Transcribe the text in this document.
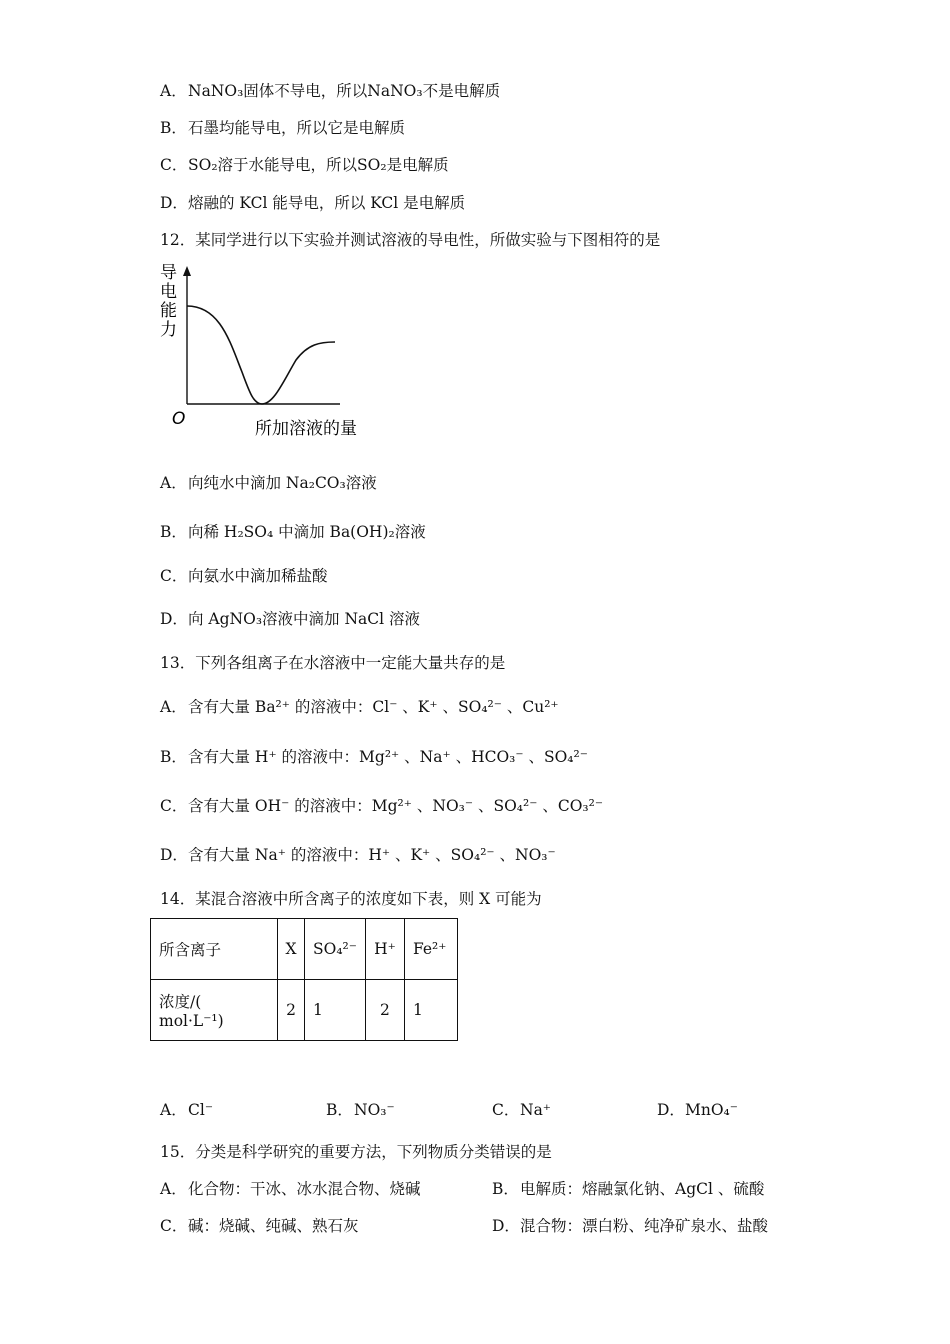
A．NaNO₃固体不导电，所以NaNO₃不是电解质
B．石墨均能导电，所以它是电解质
C．SO₂溶于水能导电，所以SO₂是电解质
D．熔融的 KCl 能导电，所以 KCl 是电解质
12．某同学进行以下实验并测试溶液的导电性，所做实验与下图相符的是
导
电
能
力
O	所加溶液的量
A．向纯水中滴加 Na₂CO₃溶液
B．向稀 H₂SO₄ 中滴加 Ba(OH)₂溶液
C．向氨水中滴加稀盐酸
D．向 AgNO₃溶液中滴加 NaCl 溶液
13．下列各组离子在水溶液中一定能大量共存的是
A．含有大量 Ba²⁺ 的溶液中：Cl⁻ 、K⁺ 、SO₄²⁻ 、Cu²⁺
B．含有大量 H⁺ 的溶液中：Mg²⁺ 、Na⁺ 、HCO₃⁻ 、SO₄²⁻
C．含有大量 OH⁻ 的溶液中：Mg²⁺ 、NO₃⁻ 、SO₄²⁻ 、CO₃²⁻
D．含有大量 Na⁺ 的溶液中：H⁺ 、K⁺ 、SO₄²⁻ 、NO₃⁻
14．某混合溶液中所含离子的浓度如下表，则 X 可能为
所含离子	X	SO₄²⁻	H⁺	Fe²⁺
浓度/( mol·L⁻¹)	2	1	2	1
A．Cl⁻	B．NO₃⁻	C．Na⁺	D．MnO₄⁻
15．分类是科学研究的重要方法，下列物质分类错误的是
A．化合物：干冰、冰水混合物、烧碱	B．电解质：熔融氯化钠、AgCl 、硫酸
C．碱：烧碱、纯碱、熟石灰	D．混合物：漂白粉、纯净矿泉水、盐酸
